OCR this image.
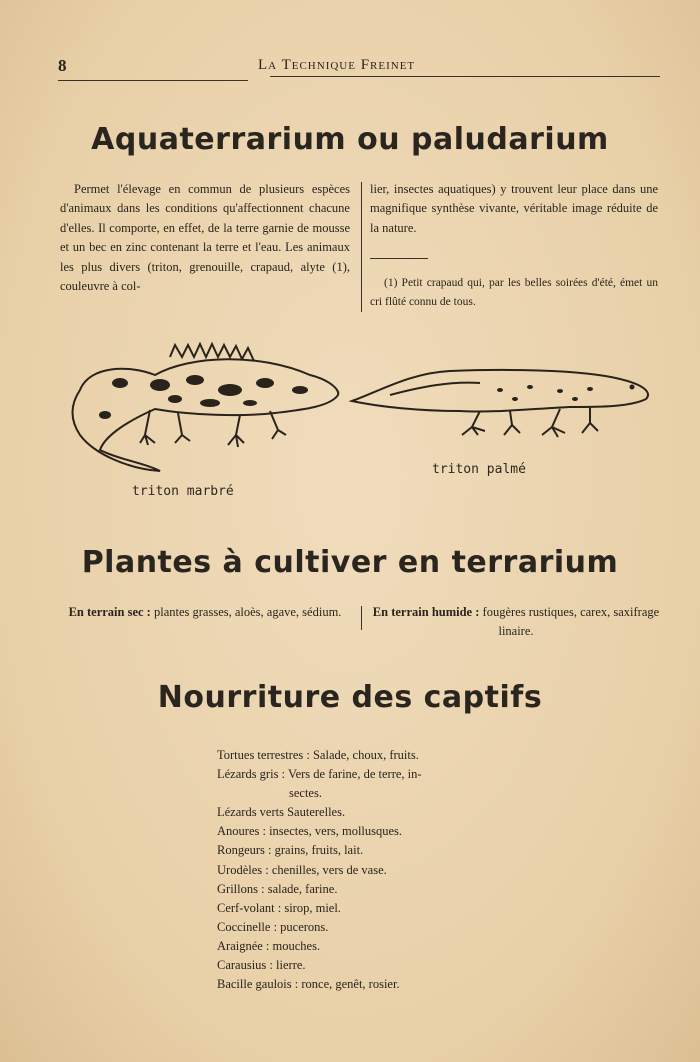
8	La Technique Freinet
Aquaterrarium ou paludarium

Permet l'élevage en commun de plusieurs espèces d'animaux dans les conditions qu'affectionnent chacune d'elles. Il comporte, en effet, de la terre garnie de mousse et un bec en zinc contenant la terre et l'eau. Les animaux les plus divers (triton, grenouille, crapaud, alyte (1), couleuvre à col-

lier, insectes aquatiques) y trouvent leur place dans une magnifique synthèse vivante, véritable image réduite de la nature.

(1) Petit crapaud qui, par les belles soirées d'été, émet un cri flûté connu de tous.

triton marbré
triton palmé
Plantes à cultiver en terrarium
En terrain sec : plantes grasses, aloès, agave, sédium.	En terrain humide : fougères rustiques, carex, saxifrage linaire.
Nourriture des captifs
Tortues terrestres : Salade, choux, fruits.
Lézards gris : Vers de farine, de terre, in-
sectes.
Lézards verts Sauterelles.
Anoures : insectes, vers, mollusques.
Rongeurs : grains, fruits, lait.
Urodèles : chenilles, vers de vase.
Grillons : salade, farine.
Cerf-volant : sirop, miel.
Coccinelle : pucerons.
Araignée : mouches.
Carausius : lierre.
Bacille gaulois : ronce, genêt, rosier.
